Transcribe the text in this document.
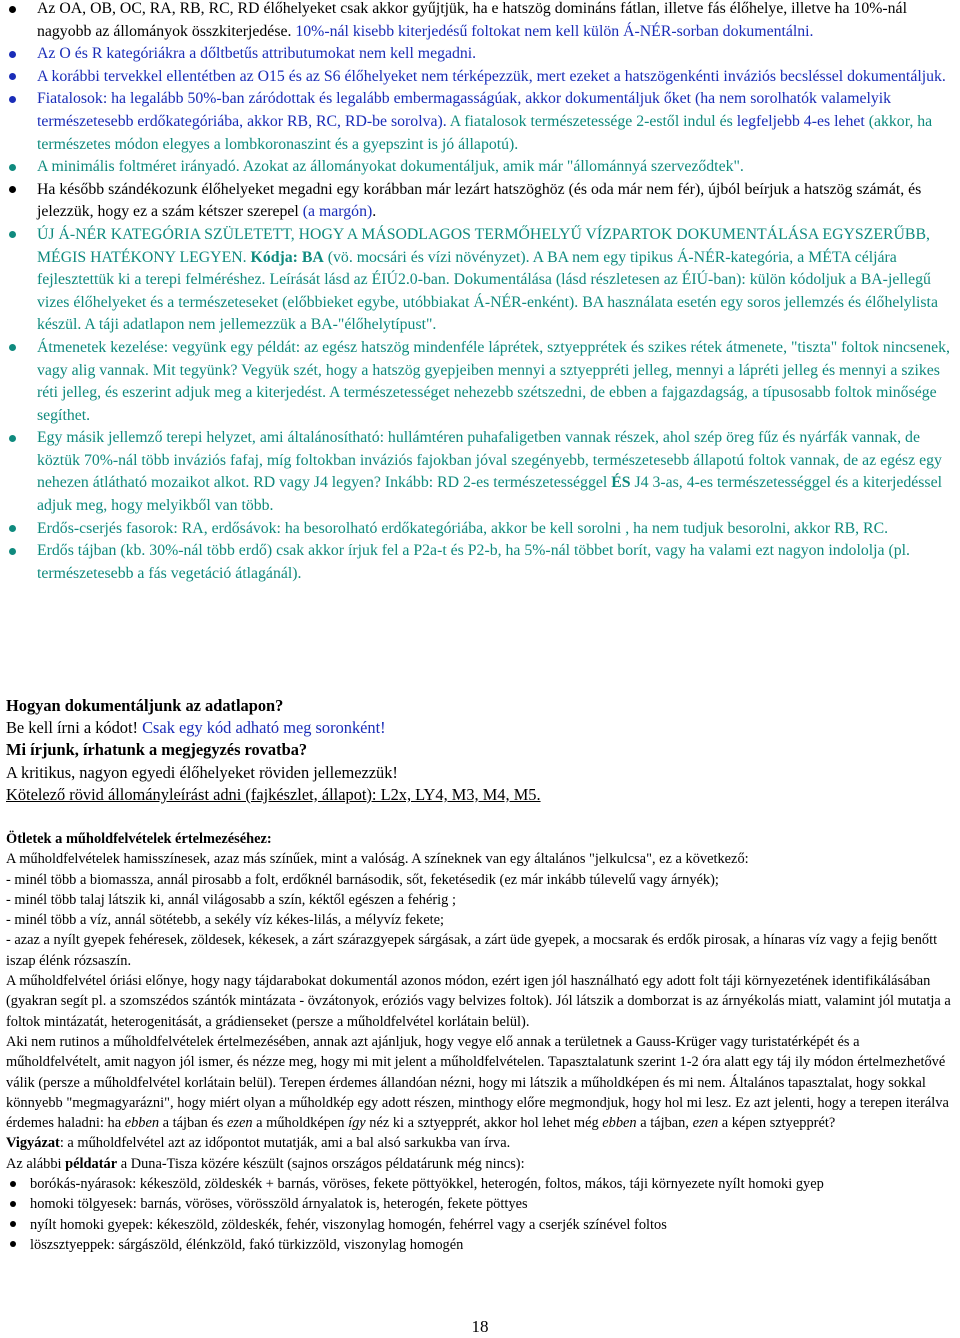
Az OA, OB, OC, RA, RB, RC, RD élőhelyeket csak akkor gyűjtjük, ha e hatszög domináns fátlan, illetve fás élőhelye, illetve ha 10%-nál nagyobb az állományok összkiterjedése. 10%-nál kisebb kiterjedésű foltokat nem kell külön Á-NÉR-sorban dokumentálni.
Az O és R kategóriákra a dőltbetűs attributumokat nem kell megadni.
A korábbi tervekkel ellentétben az O15 és az S6 élőhelyeket nem térképezzük, mert ezeket a hatszögenkénti inváziós becsléssel dokumentáljuk.
Fiatalosok: ha legalább 50%-ban záródottak és legalább embermagasságúak, akkor dokumentáljuk őket (ha nem sorolhatók valamelyik természetesebb erdőkategóriába, akkor RB, RC, RD-be sorolva). A fiatalosok természetessége 2-estől indul és legfeljebb 4-es lehet (akkor, ha természetes módon elegyes a lombkoronaszint és a gyepszint is jó állapotú).
A minimális foltméret irányadó. Azokat az állományokat dokumentáljuk, amik már "állománnyá szerveződtek".
Ha később szándékozunk élőhelyeket megadni egy korábban már lezárt hatszöghöz (és oda már nem fér), újból beírjuk a hatszög számát, és jelezzük, hogy ez a szám kétszer szerepel (a margón).
ÚJ Á-NÉR KATEGÓRIA SZÜLETETT, HOGY A MÁSODLAGOS TERMŐHELYŰ VÍZPARTOK DOKUMENTÁLÁSA EGYSZERŰBB, MÉGIS HATÉKONY LEGYEN. Kódja: BA (vö. mocsári és vízi növényzet). A BA nem egy tipikus Á-NÉR-kategória, a MÉTA céljára fejlesztettük ki a terepi felméréshez. Leírását lásd az ÉIÚ2.0-ban. Dokumentálása (lásd részletesen az ÉIÚ-ban): külön kódoljuk a BA-jellegű vizes élőhelyeket és a természeteseket (előbbieket egybe, utóbbiakat Á-NÉR-enként). BA használata esetén egy soros jellemzés és élőhelylista készül. A táji adatlapon nem jellemezzük a BA-"élőhelytípust".
Átmenetek kezelése: vegyünk egy példát: az egész hatszög mindenféle láprétek, sztyepprétek és szikes rétek átmenete, "tiszta" foltok nincsenek, vagy alig vannak. Mit tegyünk? Vegyük szét, hogy a hatszög gyepjeiben mennyi a sztyeppréti jelleg, mennyi a lápréti jelleg és mennyi a szikes réti jelleg, és eszerint adjuk meg a kiterjedést. A természetességet nehezebb szétszedni, de ebben a fajgazdagság, a típusosabb foltok minősége segíthet.
Egy másik jellemző terepi helyzet, ami általánosítható: hullámtéren puhafaligetben vannak részek, ahol szép öreg fűz és nyárfák vannak, de köztük 70%-nál több inváziós fafaj, míg foltokban inváziós fajokban jóval szegényebb, természetesebb állapotú foltok vannak, de az egész egy nehezen átlátható mozaikot alkot. RD vagy J4 legyen? Inkább: RD 2-es természetességgel ÉS J4 3-as, 4-es természetességgel és a kiterjedéssel adjuk meg, hogy melyikből van több.
Erdős-cserjés fasorok: RA, erdősávok: ha besorolható erdőkategóriába, akkor be kell sorolni , ha nem tudjuk besorolni, akkor RB, RC.
Erdős tájban (kb. 30%-nál több erdő) csak akkor írjuk fel a P2a-t és P2-b, ha 5%-nál többet borít, vagy ha valami ezt nagyon indololja (pl. természetesebb a fás vegetáció átlagánál).
Hogyan dokumentáljunk az adatlapon?
Be kell írni a kódot! Csak egy kód adható meg soronként!
Mi írjunk, írhatunk a megjegyzés rovatba?
A kritikus, nagyon egyedi élőhelyeket röviden jellemezzük!
Kötelező rövid állományleírást adni (fajkészlet, állapot): L2x, LY4, M3, M4, M5.
Ötletek a műholdfelvételek értelmezéséhez:
A műholdfelvételek hamisszínesek, azaz más színűek, mint a valóság. A színeknek van egy általános "jelkulcsa", ez a következő:
- minél több a biomassza, annál pirosabb a folt, erdőknél barnásodik, sőt, feketésedik (ez már inkább túlevelű vagy árnyék);
- minél több talaj látszik ki, annál világosabb a szín, kéktől egészen a fehérig ;
- minél több a víz, annál sötétebb, a sekély víz kékes-lilás, a mélyvíz fekete;
- azaz a nyílt gyepek fehéresek, zöldesek, kékesek, a zárt szárazgyepek sárgásak, a zárt üde gyepek, a mocsarak és erdők pirosak, a hínaras víz vagy a fejig benőtt iszap élénk rózsaszín.
A műholdfelvétel óriási előnye, hogy nagy tájdarabokat dokumentál azonos módon, ezért igen jól használható egy adott folt táji környezetének identifikálásában (gyakran segít pl. a szomszédos szántók mintázata - övzátonyok, eróziós vagy belvizes foltok). Jól látszik a domborzat is az árnyékolás miatt, valamint jól mutatja a foltok mintázatát, heterogenitását, a grádienseket (persze a műholdfelvétel korlátain belül).
Aki nem rutinos a műholdfelvételek értelmezésében, annak azt ajánljuk, hogy vegye elő annak a területnek a Gauss-Krüger vagy turistatérképét és a műholdfelvételt, amit nagyon jól ismer, és nézze meg, hogy mi mit jelent a műholdfelvételen. Tapasztalatunk szerint 1-2 óra alatt egy táj ily módon értelmezhetővé válik (persze a műholdfelvétel korlátain belül). Terepen érdemes állandóan nézni, hogy mi látszik a műholdképen és mi nem. Általános tapasztalat, hogy sokkal könnyebb "megmagyarázni", hogy miért olyan a műholdkép egy adott részen, minthogy előre megmondjuk, hogy hol mi lesz. Ez azt jelenti, hogy a terepen iterálva érdemes haladni: ha ebben a tájban és ezen a műholdképen így néz ki a sztyepprét, akkor hol lehet még ebben a tájban, ezen a képen sztyepprét?
Vigyázat: a műholdfelvétel azt az időpontot mutatják, ami a bal alsó sarkukba van írva.
Az alábbi példatár a Duna-Tisza közére készült (sajnos országos példatárunk még nincs):
borókás-nyárasok: kékeszöld, zöldeskék + barnás, vöröses, fekete pöttyökkel, heterogén, foltos, mákos, táji környezete nyílt homoki gyep
homoki tölgyesek: barnás, vöröses, vörösszöld árnyalatok is, heterogén, fekete pöttyes
nyílt homoki gyepek: kékeszöld, zöldeskék, fehér, viszonylag homogén, fehérrel vagy a cserjék színével foltos
löszsztyeppek: sárgászöld, élénkzöld, fakó türkizzöld, viszonylag homogén
18
